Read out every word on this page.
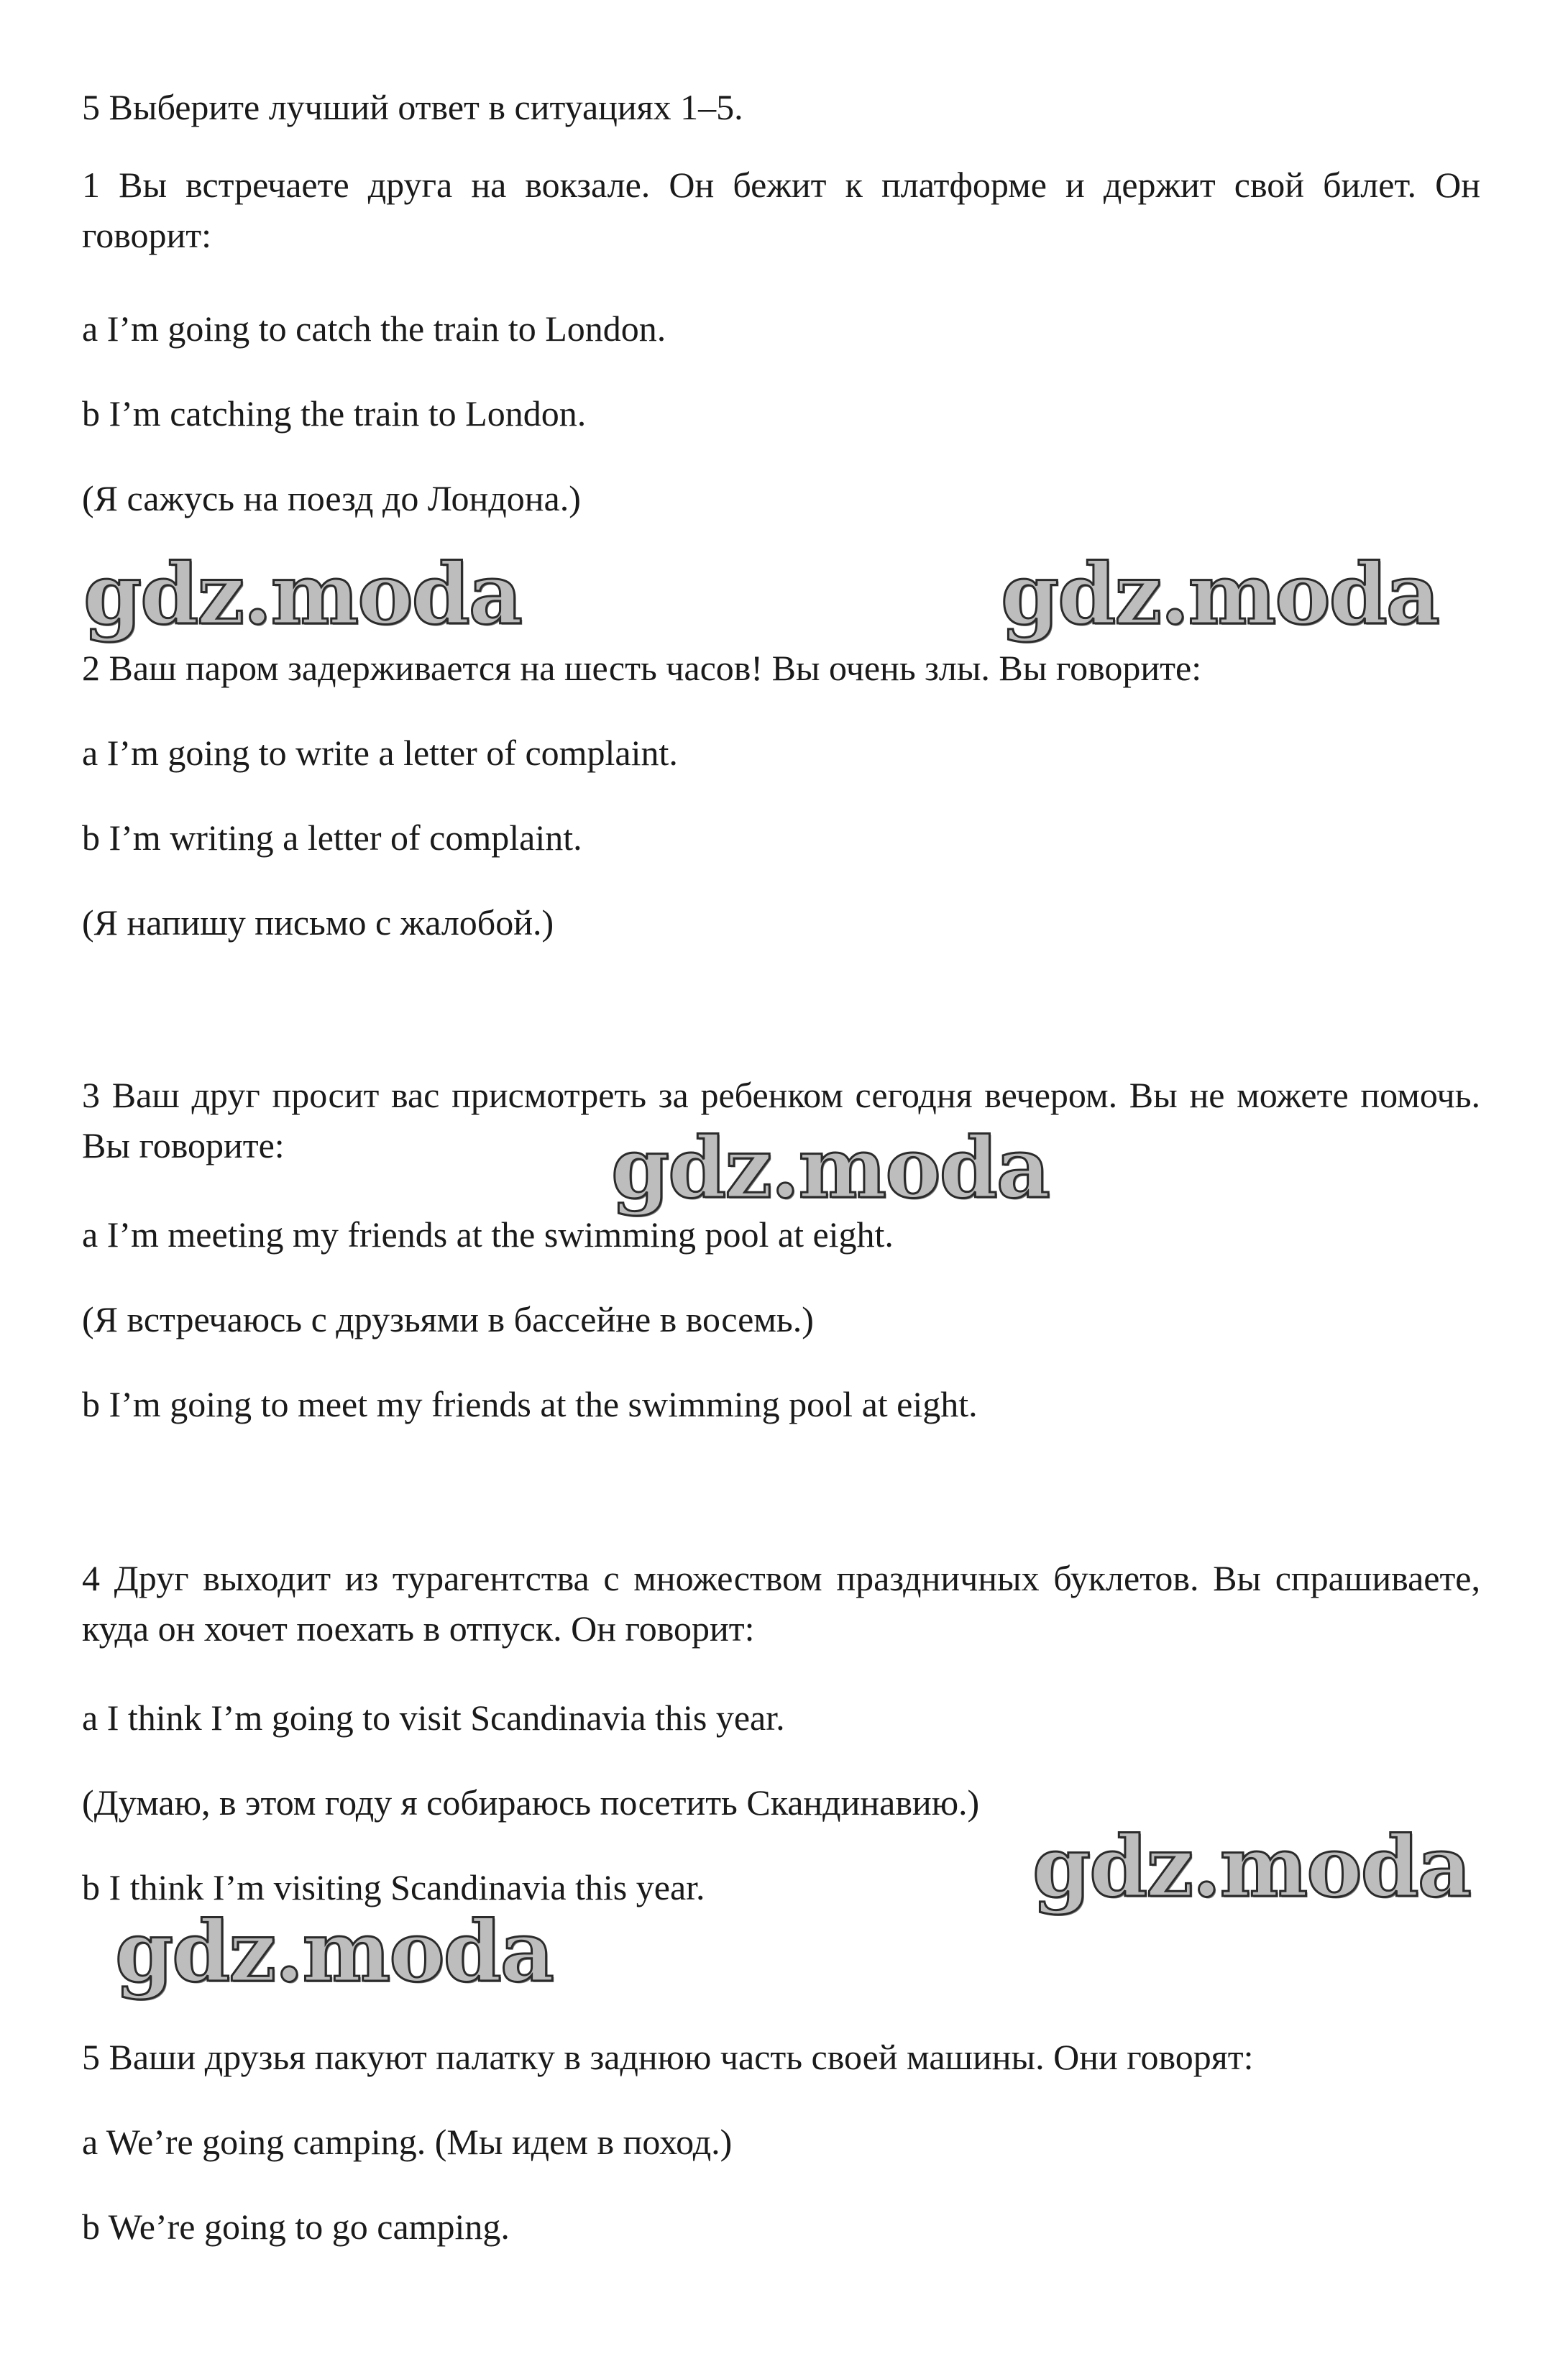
5 Выберите лучший ответ в ситуациях 1–5.

1 Вы встречаете друга на вокзале. Он бежит к платформе и держит свой билет. Он говорит:

a I’m going to catch the train to London.

b I’m catching the train to London.

(Я сажусь на поезд до Лондона.)

gdz.moda	gdz.moda

2 Ваш паром задерживается на шесть часов! Вы очень злы. Вы говорите:

a I’m going to write a letter of complaint.

b I’m writing a letter of complaint.

(Я напишу письмо с жалобой.)

3 Ваш друг просит вас присмотреть за ребенком сегодня вечером. Вы не можете помочь. Вы говорите:	gdz.moda

a I’m meeting my friends at the swimming pool at eight.

(Я встречаюсь с друзьями в бассейне в восемь.)

b I’m going to meet my friends at the swimming pool at eight.

4 Друг выходит из турагентства с множеством праздничных буклетов. Вы спрашиваете, куда он хочет поехать в отпуск. Он говорит:

a I think I’m going to visit Scandinavia this year.

(Думаю, в этом году я собираюсь посетить Скандинавию.)

b I think I’m visiting Scandinavia this year.	gdz.moda
gdz.moda

5 Ваши друзья пакуют палатку в заднюю часть своей машины. Они говорят:

a We’re going camping. (Мы идем в поход.)

b We’re going to go camping.
